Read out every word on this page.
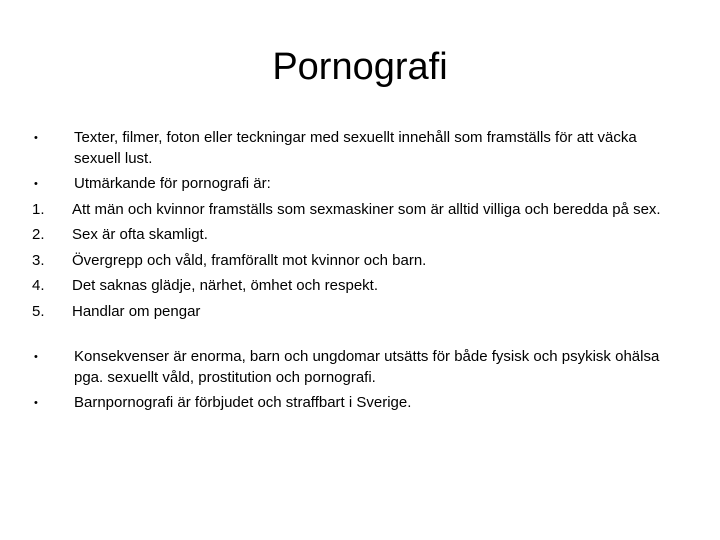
Pornografi
•	Texter, filmer, foton eller teckningar med sexuellt innehåll som framställs för att väcka sexuell lust.
•	Utmärkande för pornografi är:
1.	Att män och kvinnor framställs som sexmaskiner som är alltid villiga och beredda på sex.
2.	Sex är ofta skamligt.
3.	Övergrepp och våld, framförallt mot kvinnor och barn.
4.	Det saknas glädje, närhet, ömhet och respekt.
5.	Handlar om pengar
•	Konsekvenser är enorma, barn och ungdomar utsätts för både fysisk och psykisk ohälsa pga. sexuellt våld, prostitution och pornografi.
•	Barnpornografi är förbjudet och straffbart i Sverige.
